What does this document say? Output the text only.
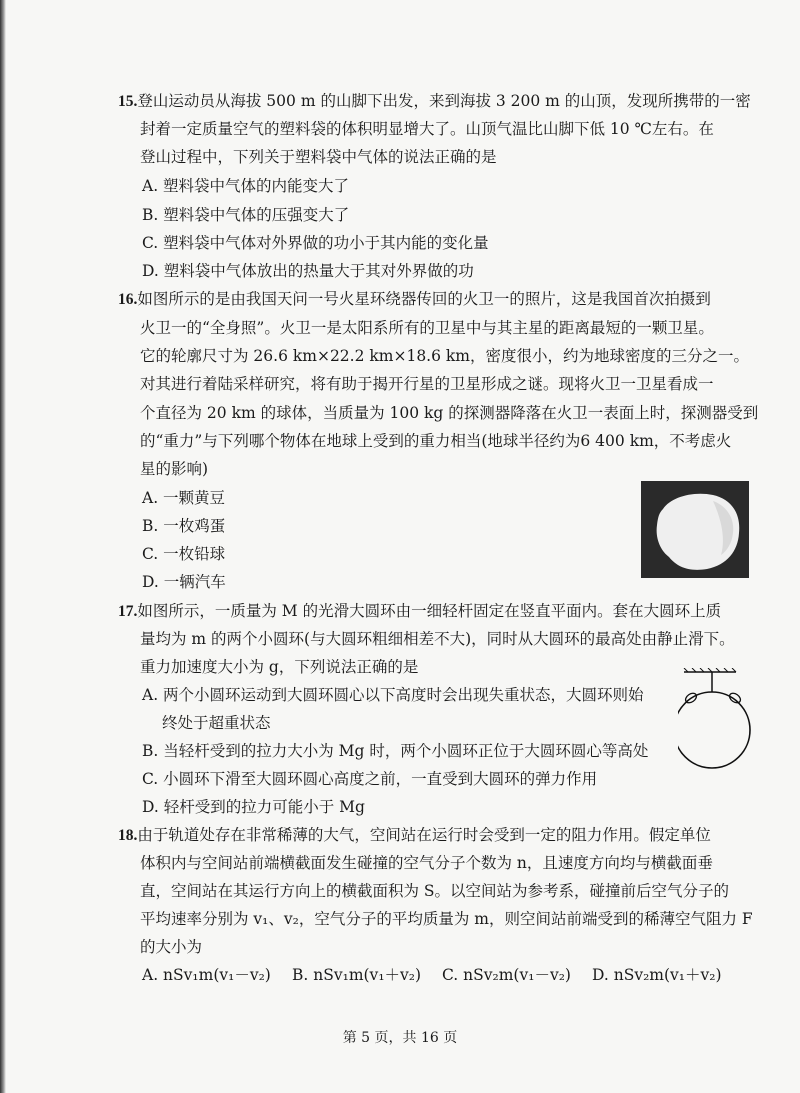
15.登山运动员从海拔 500 m 的山脚下出发，来到海拔 3 200 m 的山顶，发现所携带的一密
封着一定质量空气的塑料袋的体积明显增大了。山顶气温比山脚下低 10 ℃左右。在
登山过程中，下列关于塑料袋中气体的说法正确的是
A. 塑料袋中气体的内能变大了
B. 塑料袋中气体的压强变大了
C. 塑料袋中气体对外界做的功小于其内能的变化量
D. 塑料袋中气体放出的热量大于其对外界做的功
16.如图所示的是由我国天问一号火星环绕器传回的火卫一的照片，这是我国首次拍摄到
火卫一的“全身照”。火卫一是太阳系所有的卫星中与其主星的距离最短的一颗卫星。
它的轮廓尺寸为 26.6 km×22.2 km×18.6 km，密度很小，约为地球密度的三分之一。
对其进行着陆采样研究，将有助于揭开行星的卫星形成之谜。现将火卫一卫星看成一
个直径为 20 km 的球体，当质量为 100 kg 的探测器降落在火卫一表面上时，探测器受到
的“重力”与下列哪个物体在地球上受到的重力相当(地球半径约为6 400 km，不考虑火
星的影响)
A. 一颗黄豆
B. 一枚鸡蛋
C. 一枚铅球
D. 一辆汽车
17.如图所示，一质量为 M 的光滑大圆环由一细轻杆固定在竖直平面内。套在大圆环上质
量均为 m 的两个小圆环(与大圆环粗细相差不大)，同时从大圆环的最高处由静止滑下。
重力加速度大小为 g，下列说法正确的是
A. 两个小圆环运动到大圆环圆心以下高度时会出现失重状态，大圆环则始
终处于超重状态
B. 当轻杆受到的拉力大小为 Mg 时，两个小圆环正位于大圆环圆心等高处
C. 小圆环下滑至大圆环圆心高度之前，一直受到大圆环的弹力作用
D. 轻杆受到的拉力可能小于 Mg
18.由于轨道处存在非常稀薄的大气，空间站在运行时会受到一定的阻力作用。假定单位
体积内与空间站前端横截面发生碰撞的空气分子个数为 n，且速度方向均与横截面垂
直，空间站在其运行方向上的横截面积为 S。以空间站为参考系，碰撞前后空气分子的
平均速率分别为 v₁、v₂，空气分子的平均质量为 m，则空间站前端受到的稀薄空气阻力 F
的大小为
A. nSv₁m(v₁－v₂) B. nSv₁m(v₁＋v₂) C. nSv₂m(v₁－v₂) D. nSv₂m(v₁＋v₂)
第 5 页，共 16 页
